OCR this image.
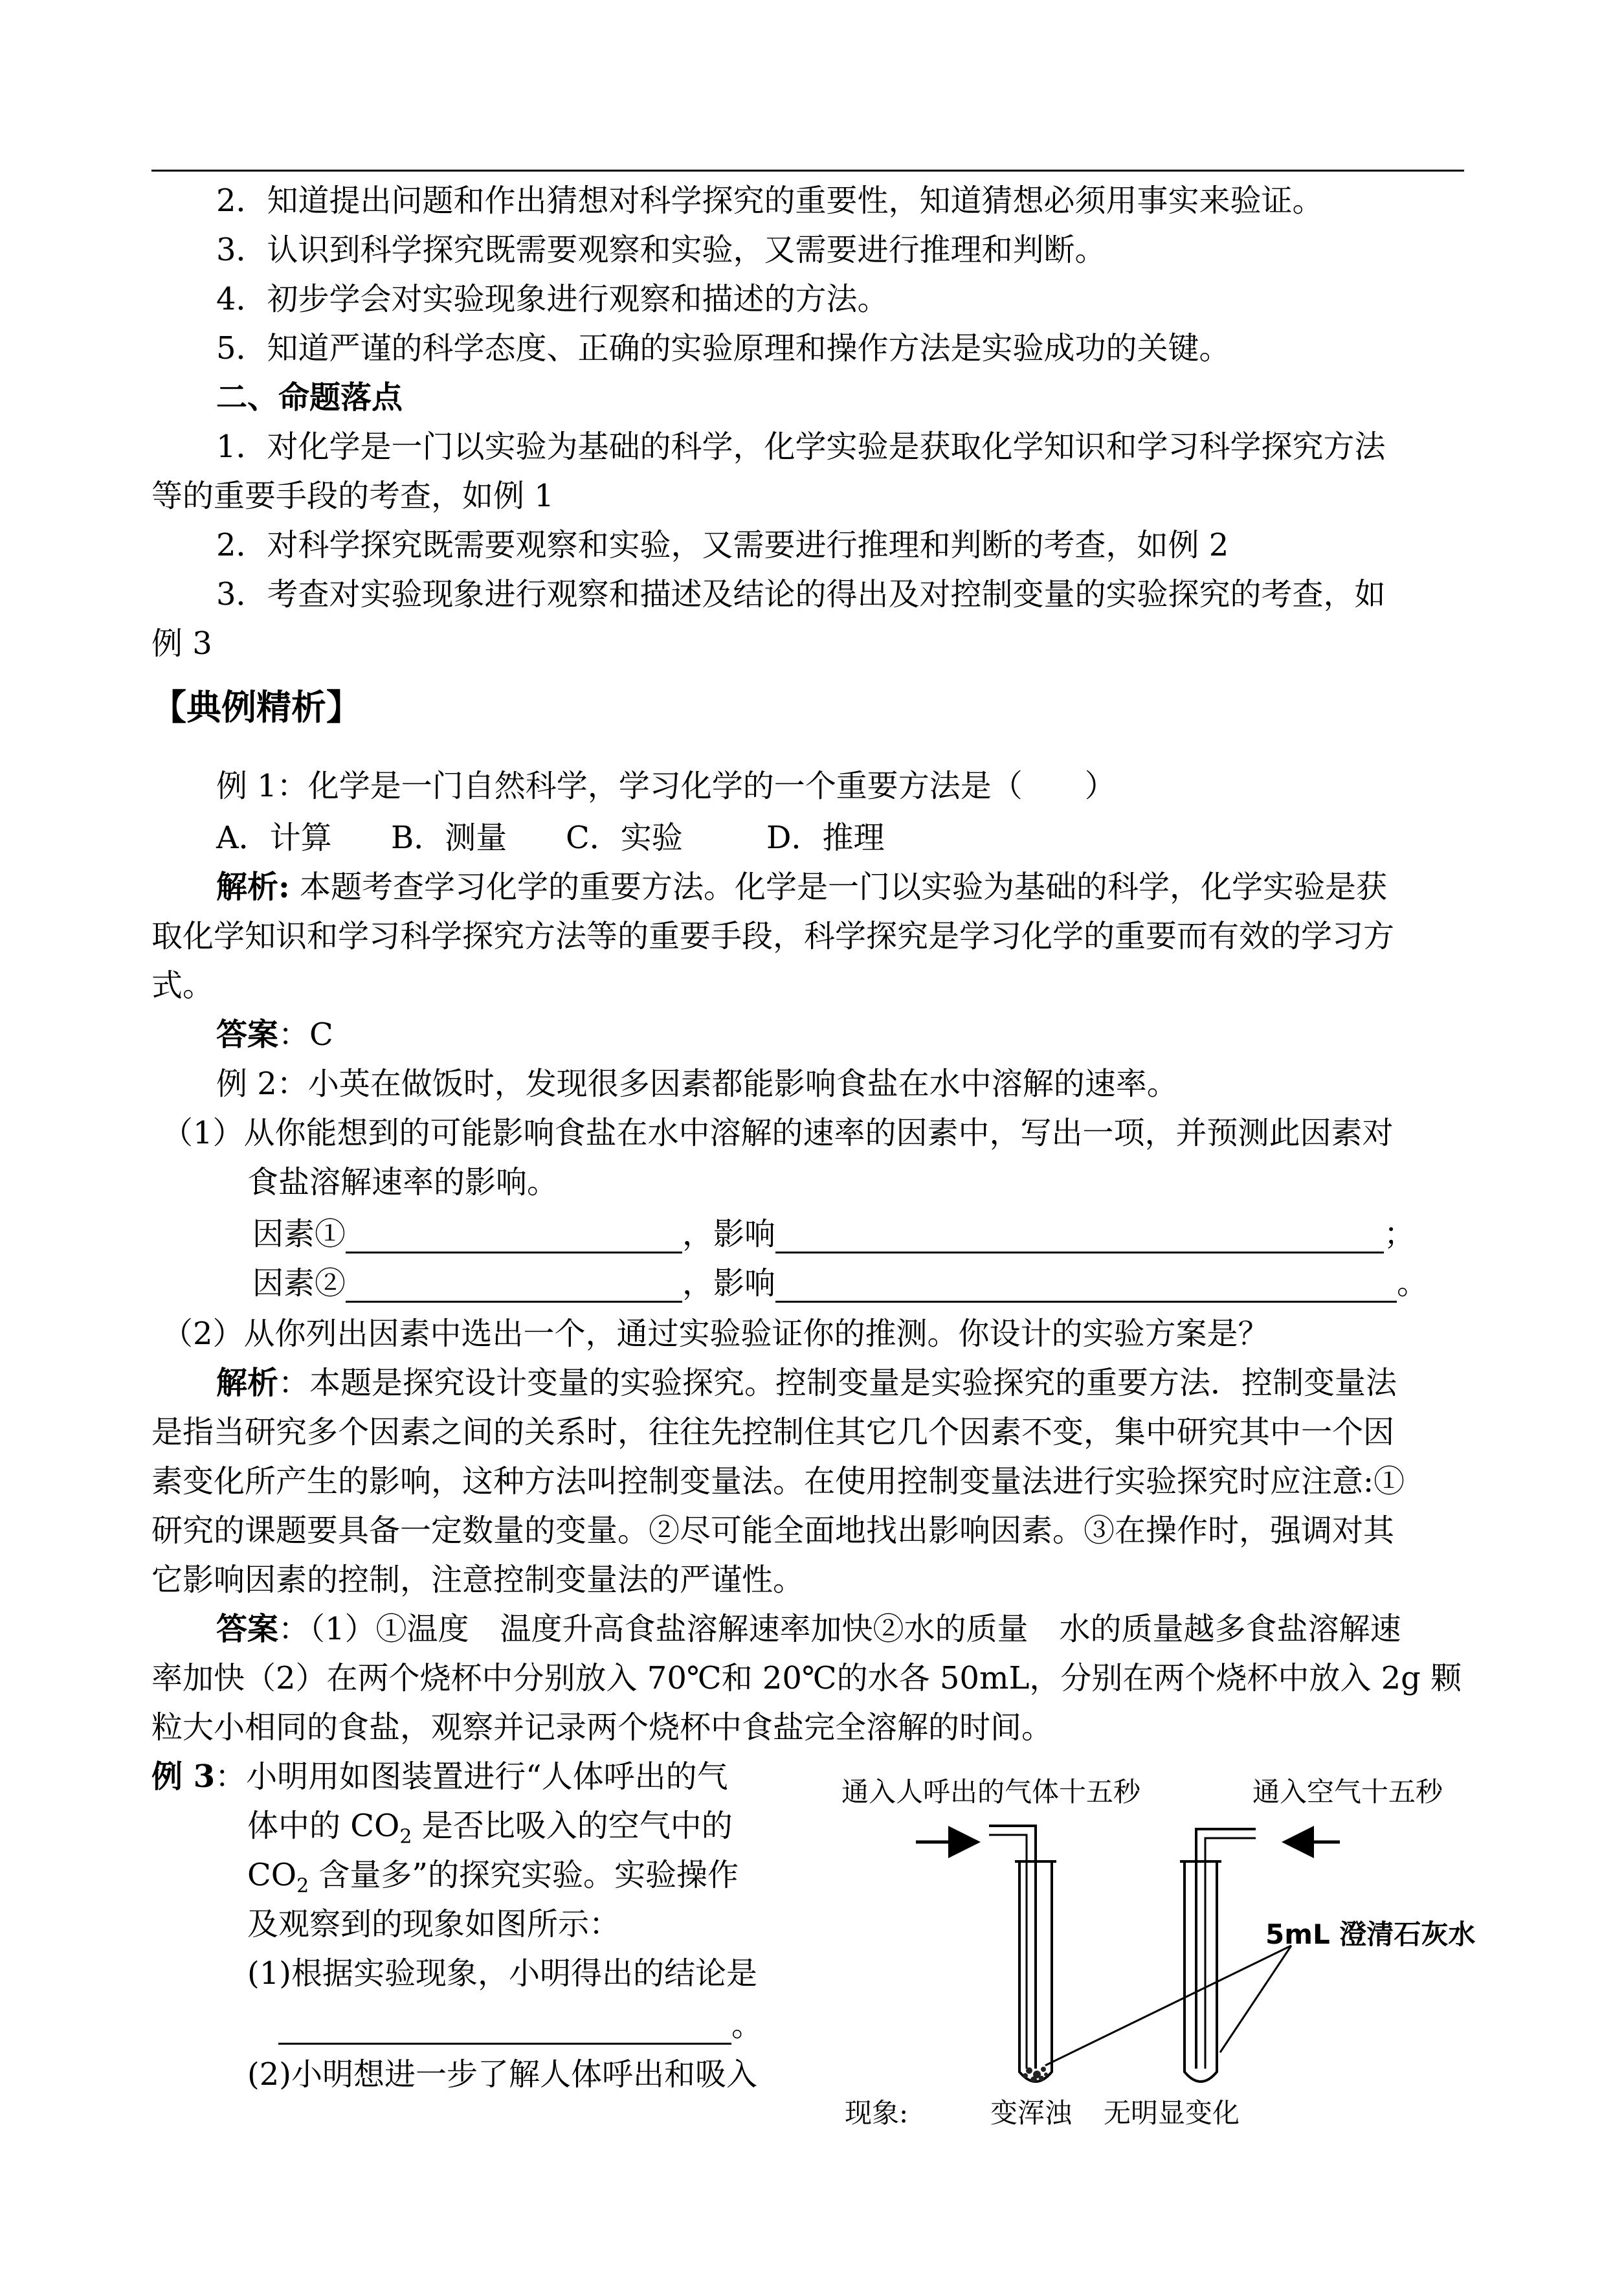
2．知道提出问题和作出猜想对科学探究的重要性，知道猜想必须用事实来验证。
3．认识到科学探究既需要观察和实验，又需要进行推理和判断。
4．初步学会对实验现象进行观察和描述的方法。
5．知道严谨的科学态度、正确的实验原理和操作方法是实验成功的关键。
二、命题落点
1．对化学是一门以实验为基础的科学，化学实验是获取化学知识和学习科学探究方法
等的重要手段的考查，如例 1
2．对科学探究既需要观察和实验，又需要进行推理和判断的考查，如例 2
3．考查对实验现象进行观察和描述及结论的得出及对控制变量的实验探究的考查，如
例 3
【典例精析】
例 1：化学是一门自然科学，学习化学的一个重要方法是（　　）
A．计算 B．测量 C．实验	D．推理
解析: 本题考查学习化学的重要方法。化学是一门以实验为基础的科学，化学实验是获
取化学知识和学习科学探究方法等的重要手段，科学探究是学习化学的重要而有效的学习方
式。
答案：C
例 2：小英在做饭时，发现很多因素都能影响食盐在水中溶解的速率。
（1）从你能想到的可能影响食盐在水中溶解的速率的因素中，写出一项，并预测此因素对
食盐溶解速率的影响。
因素①	，影响	；
因素②	，影响	。
（2）从你列出因素中选出一个，通过实验验证你的推测。你设计的实验方案是？
解析：本题是探究设计变量的实验探究。控制变量是实验探究的重要方法．控制变量法
是指当研究多个因素之间的关系时，往往先控制住其它几个因素不变，集中研究其中一个因
素变化所产生的影响，这种方法叫控制变量法。在使用控制变量法进行实验探究时应注意:①
研究的课题要具备一定数量的变量。②尽可能全面地找出影响因素。③在操作时，强调对其
它影响因素的控制，注意控制变量法的严谨性。
答案：（1）①温度　温度升高食盐溶解速率加快②水的质量　水的质量越多食盐溶解速
率加快（2）在两个烧杯中分别放入 70℃和 20℃的水各 50mL，分别在两个烧杯中放入 2g 颗
粒大小相同的食盐，观察并记录两个烧杯中食盐完全溶解的时间。
例 3：小明用如图装置进行“人体呼出的气
体中的 $CO_2$ 是否比吸入的空气中的
$CO_2$ 含量多”的探究实验。实验操作
及观察到的现象如图所示：
(1)根据实验现象，小明得出的结论是
。
(2)小明想进一步了解人体呼出和吸入
通入人呼出的气体十五秒	通入空气十五秒
5mL 澄清石灰水
现象:	变浑浊 无明显变化
